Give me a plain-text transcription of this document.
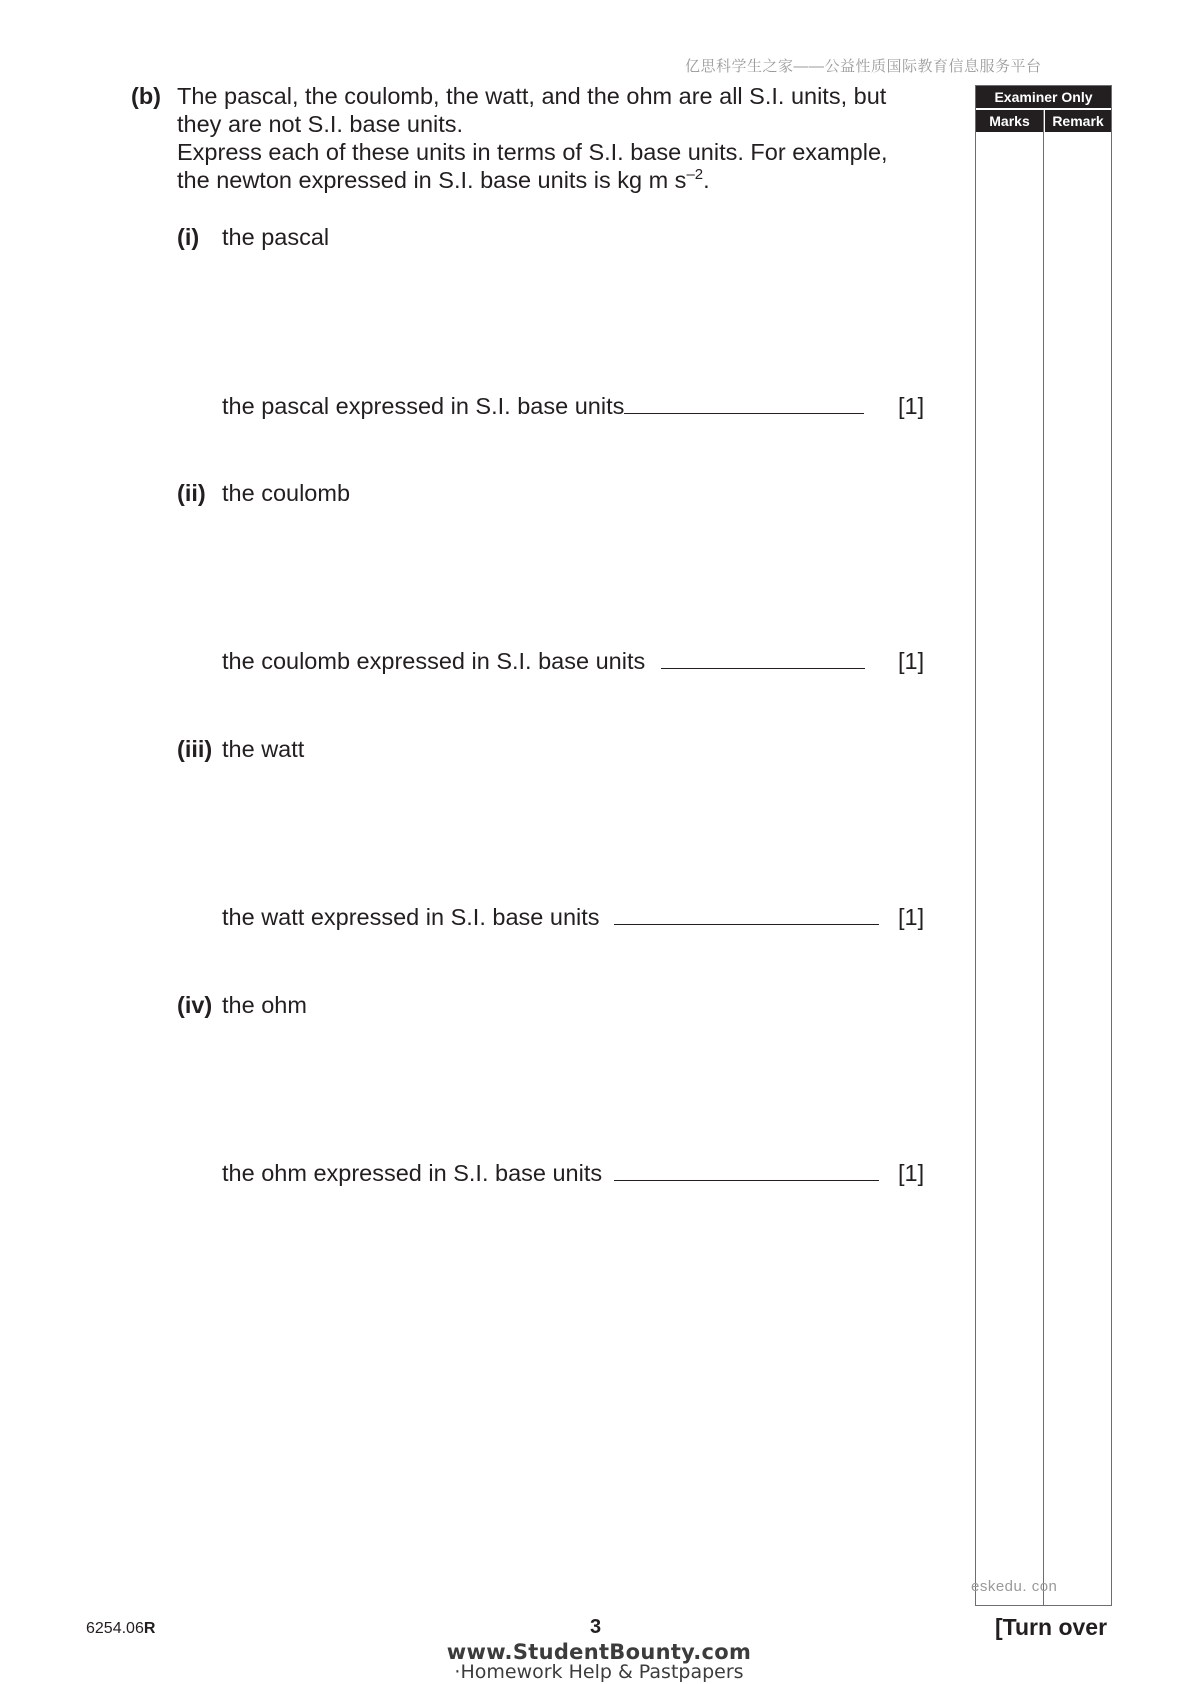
亿思科学生之家——公益性质国际教育信息服务平台
(b) The pascal, the coulomb, the watt, and the ohm are all S.I. units, but
they are not S.I. base units.
Express each of these units in terms of S.I. base units. For example,
the newton expressed in S.I. base units is kg m $s^{-2}$.
(i) the pascal
the pascal expressed in S.I. base units	[1]
(ii) the coulomb
the coulomb expressed in S.I. base units	[1]
(iii) the watt
the watt expressed in S.I. base units	[1]
(iv) the ohm
the ohm expressed in S.I. base units	[1]
Examiner Only
Marks	Remark
eskedu. con
6254.06R	3	[Turn over
www.StudentBounty.com
·Homework Help & Pastpapers
